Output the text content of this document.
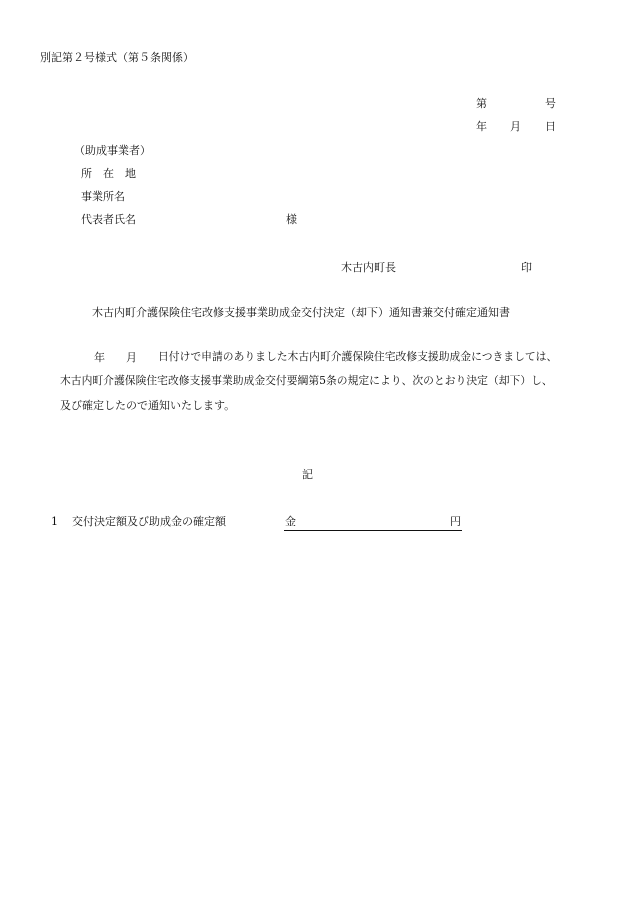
別記第２号様式（第５条関係）
第	号
年 月 日
（助成事業者）
所　在　地
事業所名
代表者氏名	様
木古内町長	印
木古内町介護保険住宅改修支援事業助成金交付決定（却下）通知書兼交付確定通知書
年 月 日付けで申請のありました木古内町介護保険住宅改修支援助成金につきましては、
木古内町介護保険住宅改修支援事業助成金交付要綱第5条の規定により、次のとおり決定（却下）し、
及び確定したので通知いたします。
記
1 交付決定額及び助成金の確定額	金	円
